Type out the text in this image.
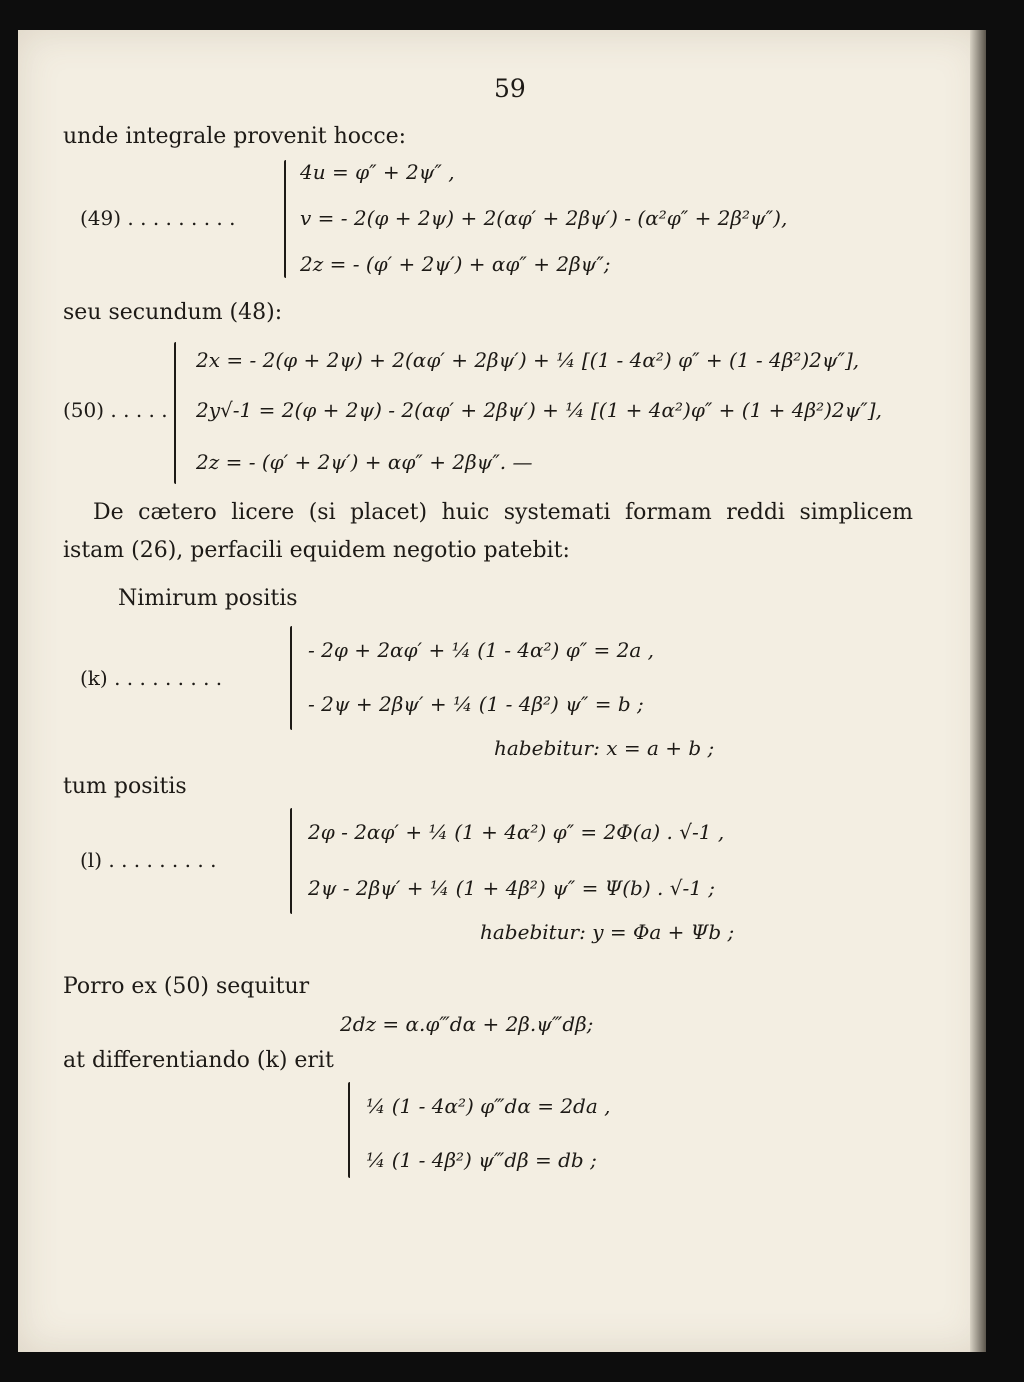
59
unde integrale provenit hocce:
(49) . . . . . . . . .
4u = φ″ + 2ψ″ ,
v = - 2(φ + 2ψ) + 2(αφ′ + 2βψ′) - (α²φ″ + 2β²ψ″),
2z = - (φ′ + 2ψ′) + αφ″ + 2βψ″;
seu secundum (48):
(50) . . . . .
2x = - 2(φ + 2ψ) + 2(αφ′ + 2βψ′) + ¼ [(1 - 4α²) φ″ + (1 - 4β²)2ψ″],
2y√-1 = 2(φ + 2ψ) - 2(αφ′ + 2βψ′) + ¼ [(1 + 4α²)φ″ + (1 + 4β²)2ψ″],
2z = - (φ′ + 2ψ′) + αφ″ + 2βψ″. —
De cætero licere (si placet) huic systemati formam reddi simplicem istam (26), perfacili equidem negotio patebit:
Nimirum positis
(k) . . . . . . . . .
- 2φ + 2αφ′ + ¼ (1 - 4α²) φ″ = 2a ,
- 2ψ + 2βψ′ + ¼ (1 - 4β²) ψ″ = b ;
habebitur: x = a + b ;
tum positis
(l) . . . . . . . . .
2φ - 2αφ′ + ¼ (1 + 4α²) φ″ = 2Φ(a) . √-1 ,
2ψ - 2βψ′ + ¼ (1 + 4β²) ψ″ = Ψ(b) . √-1 ;
habebitur: y = Φa + Ψb ;
Porro ex (50) sequitur
2dz = α.φ‴dα + 2β.ψ‴dβ;
at differentiando (k) erit
¼ (1 - 4α²) φ‴dα = 2da ,
¼ (1 - 4β²) ψ‴dβ = db ;
